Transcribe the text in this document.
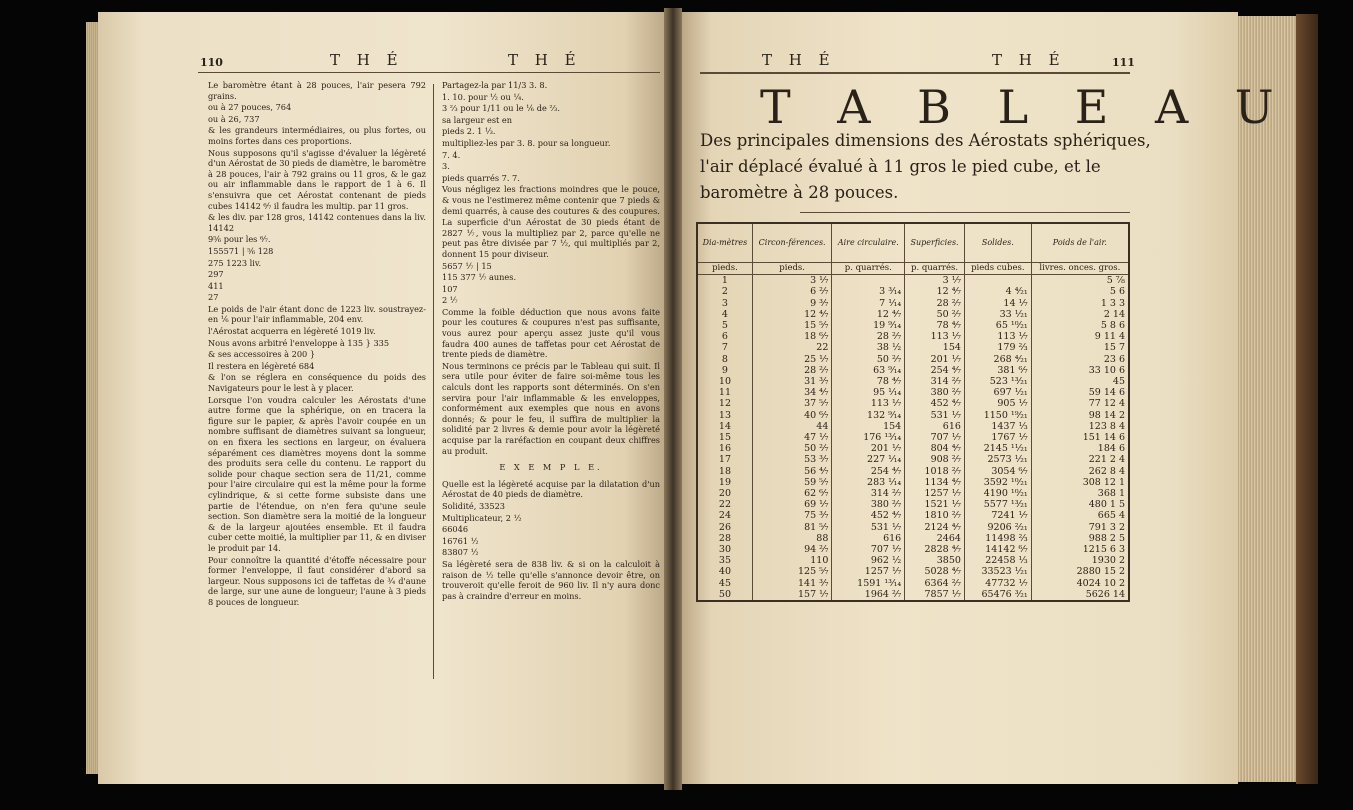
110	T H É	T H É

Le baromètre étant à 28 pouces, l'air pesera 792 grains.

ou à 27 pouces, 764

ou à 26, 737

& les grandeurs intermédiaires, ou plus fortes, ou moins fortes dans ces proportions.

Nous supposons qu'il s'agisse d'évaluer la légèreté d'un Aérostat de 30 pieds de diamètre, le baromètre à 28 pouces, l'air à 792 grains ou 11 gros, & le gaz ou air inflammable dans le rapport de 1 à 6. Il s'ensuivra que cet Aérostat contenant de pieds cubes 14142 ⁶⁄₇ il faudra les multip. par 11 gros.

& les div. par 128 gros, 14142 contenues dans la liv. 14142

9⁵⁄₆ pour les ⁶⁄₇.

155571 | ⁵⁄₆ 128

275 1223 liv.

297

411

27

Le poids de l'air étant donc de 1223 liv. soustrayez-en ⅙ pour l'air inflammable, 204 env.

l'Aérostat acquerra en légèreté 1019 liv.

Nous avons arbitré l'enveloppe à 135 } 335

& ses accessoires à 200 }

Il restera en légèreté 684

& l'on se réglera en conséquence du poids des Navigateurs pour le lest à y placer.

Lorsque l'on voudra calculer les Aérostats d'une autre forme que la sphérique, on en tracera la figure sur le papier, & après l'avoir coupée en un nombre suffisant de diamètres suivant sa longueur, on en fixera les sections en largeur, on évaluera séparément ces diamètres moyens dont la somme des produits sera celle du contenu. Le rapport du solide pour chaque section sera de 11/21, comme pour l'aire circulaire qui est la même pour la forme cylindrique, & si cette forme subsiste dans une partie de l'étendue, on n'en fera qu'une seule section. Son diamètre sera la moitié de la longueur & de la largeur ajoutées ensemble. Et il faudra cuber cette moitié, la multiplier par 11, & en diviser le produit par 14.

Pour connoître la quantité d'étoffe nécessaire pour former l'enveloppe, il faut considérer d'abord sa largeur. Nous supposons ici de taffetas de ¾ d'aune de large, sur une aune de longueur; l'aune à 3 pieds 8 pouces de longueur.

Partagez-la par 11/3 3. 8.

1. 10. pour ½ ou ¼.

3 ⅔ pour 1/11 ou le ⅙ de ⅔.

sa largeur est en

pieds 2. 1 ⅓.

multipliez-les par 3. 8. pour sa longueur.

7. 4.

3.

pieds quarrés 7. 7.

Vous négligez les fractions moindres que le pouce, & vous ne l'estimerez même contenir que 7 pieds & demi quarrés, à cause des coutures & des coupures.

La superficie d'un Aérostat de 30 pieds étant de 2827 ⅐, vous la multipliez par 2, parce qu'elle ne peut pas être divisée par 7 ½, qui multipliés par 2, donnent 15 pour diviseur.

5657 ⅐ | 15

115 377 ⅐ aunes.

107

2 ⅐

Comme la foible déduction que nous avons faite pour les coutures & coupures n'est pas suffisante, vous aurez pour aperçu assez juste qu'il vous faudra 400 aunes de taffetas pour cet Aérostat de trente pieds de diamètre.

Nous terminons ce précis par le Tableau qui suit. Il sera utile pour éviter de faire soi-même tous les calculs dont les rapports sont déterminés. On s'en servira pour l'air inflammable & les enveloppes, conformément aux exemples que nous en avons donnés; & pour le feu, il suffira de multiplier la solidité par 2 livres & demie pour avoir la légèreté acquise par la raréfaction en coupant deux chiffres au produit.

E X E M P L E.

Quelle est la légèreté acquise par la dilatation d'un Aérostat de 40 pieds de diamètre.

Solidité, 33523

Multiplicateur, 2 ½

66046

16761 ½

83807 ½

Sa légèreté sera de 838 liv. & si on la calculoit à raison de ½ telle qu'elle s'annonce devoir être, on trouveroit qu'elle feroit de 960 liv. Il n'y aura donc pas à craindre d'erreur en moins.

T H É	T H É	111
T A B L E A U
Des principales dimensions des Aérostats sphériques, l'air déplacé évalué à 11 gros le pied cube, et le baromètre à 28 pouces.
Dia-mètres	Circon-férences.	Aire circulaire.	Superficies.	Solides.	Poids de l'air.
pieds.	pieds.	p. quarrés.	p. quarrés.	pieds cubes.	livres. onces. gros.
1	3 ⅐		3 ⅐		5 ⅞
2	6 ²⁄₇	3 ³⁄₁₄	12 ⁴⁄₇	4 ⁴⁄₂₁	5 6
3	9 ³⁄₇	7 ¹⁄₁₄	28 ²⁄₇	14 ¹⁄₇	1 3 3
4	12 ⁴⁄₇	12 ⁴⁄₇	50 ²⁄₇	33 ¹⁄₂₁	2 14
5	15 ⁵⁄₇	19 ⁹⁄₁₄	78 ⁴⁄₇	65 ¹⁰⁄₂₁	5 8 6
6	18 ⁶⁄₇	28 ²⁄₇	113 ¹⁄₇	113 ¹⁄₇	9 11 4
7	22	38 ½	154	179 ²⁄₃	15 7
8	25 ¹⁄₇	50 ²⁄₇	201 ¹⁄₇	268 ⁴⁄₂₁	23 6
9	28 ²⁄₇	63 ⁹⁄₁₄	254 ⁴⁄₇	381 ⁶⁄₇	33 10 6
10	31 ³⁄₇	78 ⁴⁄₇	314 ²⁄₇	523 ¹³⁄₂₁	45
11	34 ⁴⁄₇	95 ¹⁄₁₄	380 ²⁄₇	697 ¹⁄₂₁	59 14 6
12	37 ⁵⁄₇	113 ¹⁄₇	452 ⁴⁄₇	905 ¹⁄₇	77 12 4
13	40 ⁶⁄₇	132 ⁹⁄₁₄	531 ¹⁄₇	1150 ¹⁹⁄₂₁	98 14 2
14	44	154	616	1437 ⅓	123 8 4
15	47 ¹⁄₇	176 ¹³⁄₁₄	707 ¹⁄₇	1767 ¹⁄₇	151 14 6
16	50 ²⁄₇	201 ¹⁄₇	804 ⁴⁄₇	2145 ¹¹⁄₂₁	184 6
17	53 ³⁄₇	227 ¹⁄₁₄	908 ²⁄₇	2573 ¹⁄₂₁	221 2 4
18	56 ⁴⁄₇	254 ⁴⁄₇	1018 ²⁄₇	3054 ⁶⁄₇	262 8 4
19	59 ⁵⁄₇	283 ¹⁄₁₄	1134 ⁴⁄₇	3592 ¹⁰⁄₂₁	308 12 1
20	62 ⁶⁄₇	314 ²⁄₇	1257 ¹⁄₇	4190 ¹⁰⁄₂₁	368 1
22	69 ¹⁄₇	380 ²⁄₇	1521 ¹⁄₇	5577 ¹³⁄₂₁	480 1 5
24	75 ³⁄₇	452 ⁴⁄₇	1810 ²⁄₇	7241 ¹⁄₇	665 4
26	81 ⁵⁄₇	531 ¹⁄₇	2124 ⁴⁄₇	9206 ²⁄₂₁	791 3 2
28	88	616	2464	11498 ²⁄₃	988 2 5
30	94 ²⁄₇	707 ¹⁄₇	2828 ⁴⁄₇	14142 ⁶⁄₇	1215 6 3
35	110	962 ½	3850	22458 ⅓	1930 2
40	125 ⁵⁄₇	1257 ¹⁄₇	5028 ⁴⁄₇	33523 ¹⁄₂₁	2880 15 2
45	141 ³⁄₇	1591 ¹³⁄₁₄	6364 ²⁄₇	47732 ¹⁄₇	4024 10 2
50	157 ¹⁄₇	1964 ²⁄₇	7857 ¹⁄₇	65476 ³⁄₂₁	5626 14
